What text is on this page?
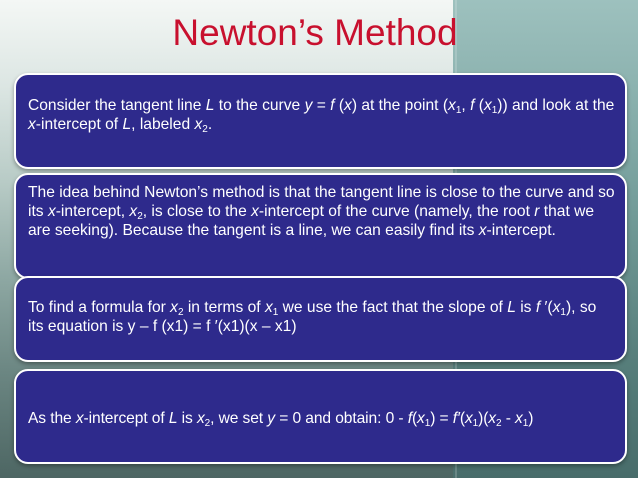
Newton’s Method

Consider the tangent line L to the curve y = f (x) at the point ($x_1$, f $(x_1)$) and look at the x-intercept of L, labeled $x_2$.

The idea behind Newton’s method is that the tangent line is close to the curve and so its x-intercept, $x_2$, is close to the x-intercept of the curve (namely, the root r that we are seeking). Because the tangent is a line, we can easily find its x-intercept.

To find a formula for $x_2$ in terms of $x_1$ we use the fact that the slope of L is f $'(x_1)$, so its equation is y – f (x1) = f ′(x1)(x – x1)

As the x-intercept of L is $x_2$, we set y = 0 and obtain: $0 - f(x_1) = f'(x_1)(x_2 - x_1)$
